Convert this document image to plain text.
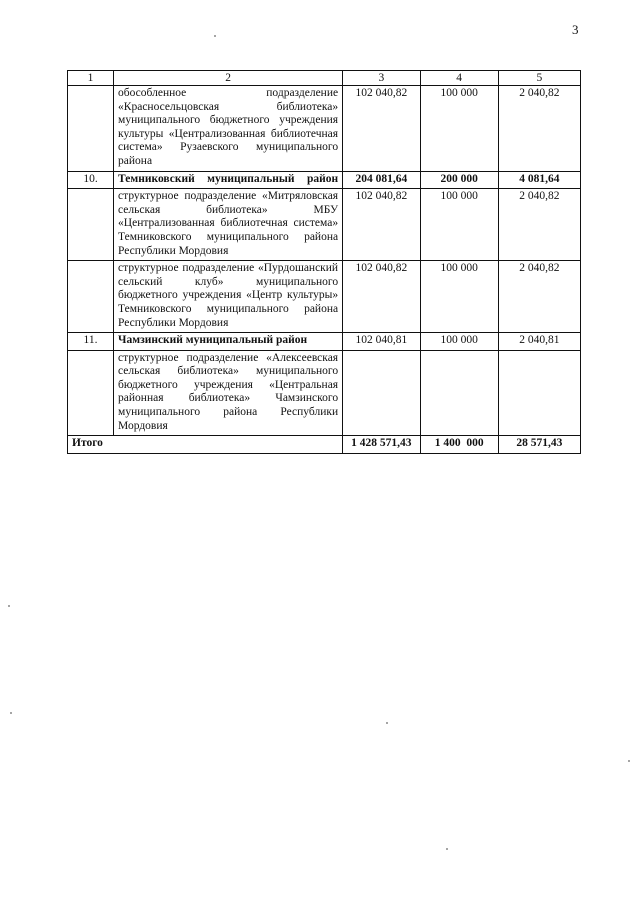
3
1	2	3	4	5
	обособленное подразделение «Красносельцовская библиотека» муниципального бюджетного учреждения культуры «Централизованная библиотечная система» Рузаевского муниципального района	102 040,82	100 000	2 040,82
10.	Темниковский муниципальный район	204 081,64	200 000	4 081,64
	структурное подразделение «Митряловская сельская библиотека» МБУ «Централизованная библиотечная система» Темниковского муниципального района Республики Мордовия	102 040,82	100 000	2 040,82
	структурное подразделение «Пурдошанский сельский клуб» муниципального бюджетного учреждения «Центр культуры» Темниковского муниципального района Республики Мордовия	102 040,82	100 000	2 040,82
11.	Чамзинский муниципальный район	102 040,81	100 000	2 040,81
	структурное подразделение «Алексеевская сельская библиотека» муниципального бюджетного учреждения «Центральная районная библиотека» Чамзинского муниципального района Республики Мордовия			
Итого		1 428 571,43	1 400  000	28 571,43
